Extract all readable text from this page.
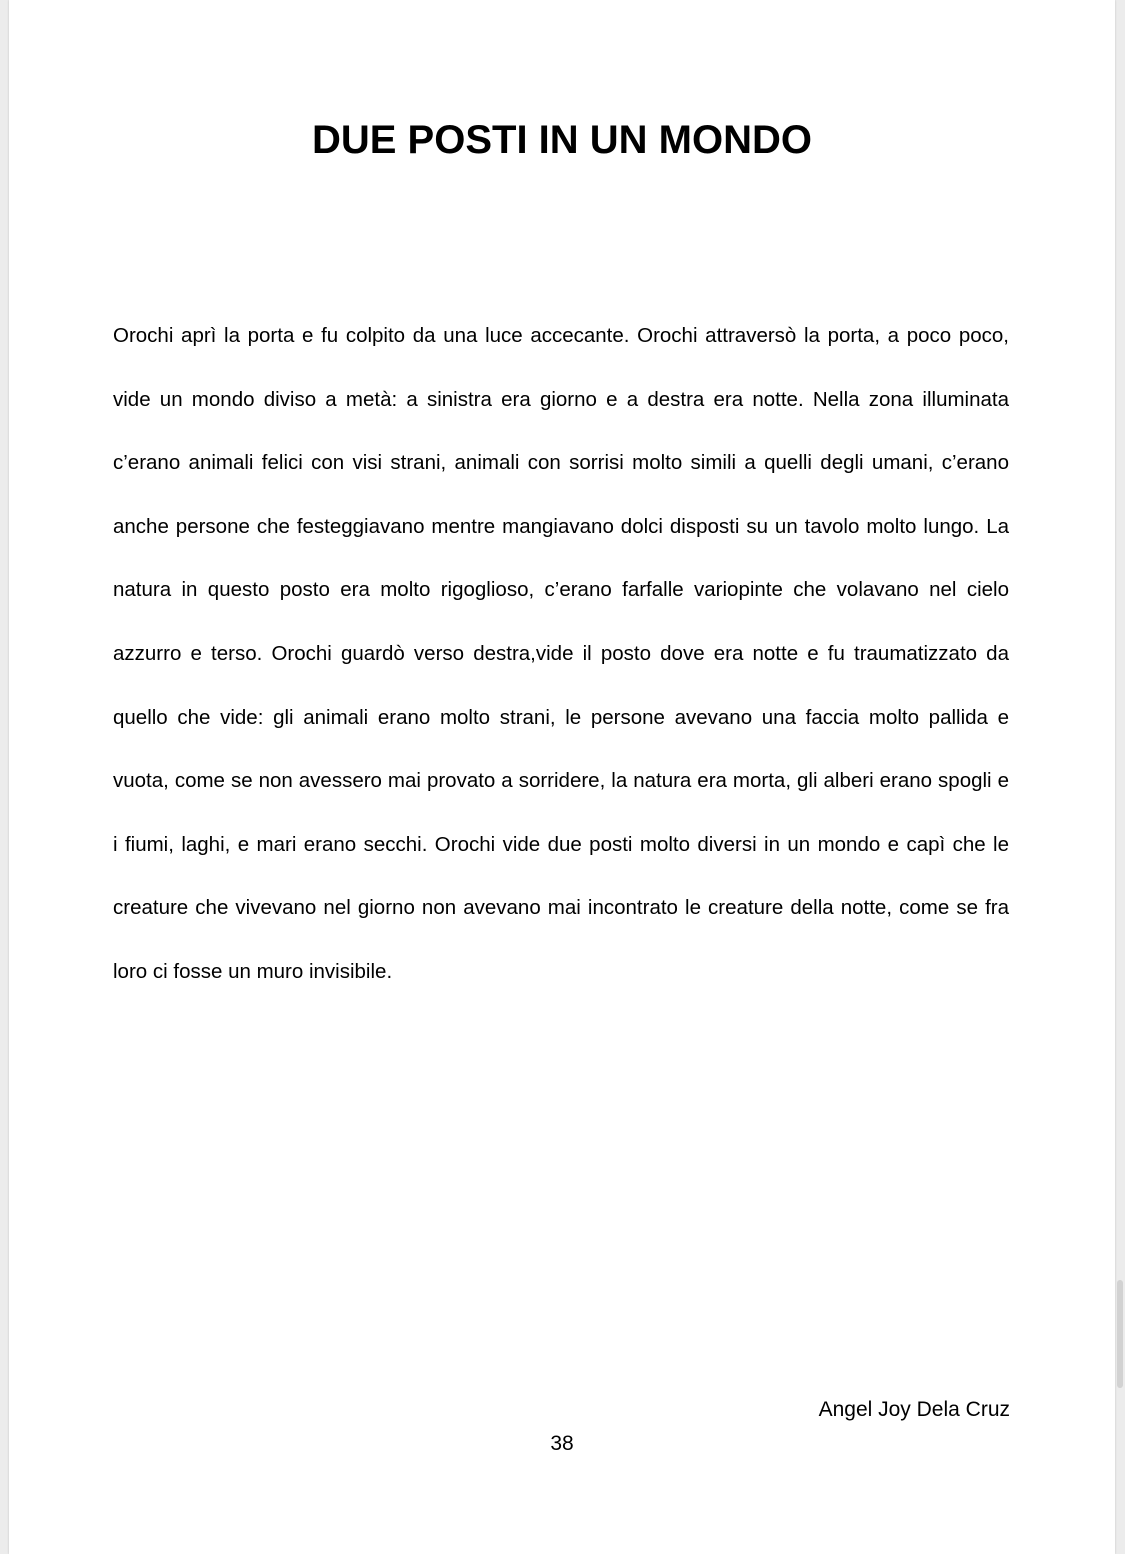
DUE POSTI IN UN MONDO

Orochi aprì la porta e fu colpito da una luce accecante. Orochi attraversò la porta, a poco poco, vide un mondo diviso a metà: a sinistra era giorno e a destra era notte. Nella zona illuminata c’erano animali felici con visi strani, animali con sorrisi molto simili a quelli degli umani, c’erano anche persone che festeggiavano mentre mangiavano dolci disposti su un tavolo molto lungo. La natura in questo posto era molto rigoglioso, c’erano farfalle variopinte che volavano nel cielo azzurro e terso. Orochi guardò verso destra,vide il posto dove era notte e fu traumatizzato da quello che vide: gli animali erano molto strani, le persone avevano una faccia molto pallida e vuota, come se non avessero mai provato a sorridere, la natura era morta, gli alberi erano spogli e i fiumi, laghi, e mari erano secchi. Orochi vide due posti molto diversi in un mondo e capì che le creature che vivevano nel giorno non avevano mai incontrato le creature della notte, come se fra loro ci fosse un muro invisibile.

Angel Joy Dela Cruz

38
